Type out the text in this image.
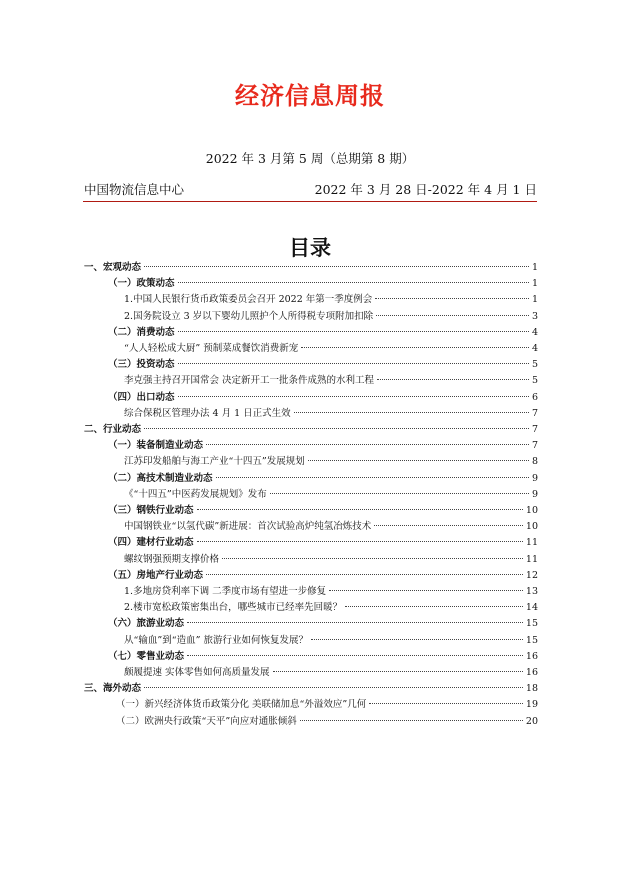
经济信息周报
2022 年 3 月第 5 周（总期第 8 期）
中国物流信息中心	2022 年 3 月 28 日-2022 年 4 月 1 日
目录
一、宏观动态	1
（一）政策动态	1
1.中国人民银行货币政策委员会召开 2022 年第一季度例会	1
2.国务院设立 3 岁以下婴幼儿照护个人所得税专项附加扣除	3
（二）消费动态	4
“人人轻松成大厨” 预制菜成餐饮消费新宠	4
（三）投资动态	5
李克强主持召开国常会 决定新开工一批条件成熟的水利工程	5
（四）出口动态	6
综合保税区管理办法 4 月 1 日正式生效	7
二、行业动态	7
（一）装备制造业动态	7
江苏印发船舶与海工产业“十四五”发展规划	8
（二）高技术制造业动态	9
《“十四五”中医药发展规划》发布	9
（三）钢铁行业动态	10
中国钢铁业“以氢代碳”新进展：首次试验高炉纯氢冶炼技术	10
（四）建材行业动态	11
螺纹钢强预期支撑价格	11
（五）房地产行业动态	12
1.多地房贷利率下调 二季度市场有望进一步修复	13
2.楼市宽松政策密集出台，哪些城市已经率先回暖？	14
（六）旅游业动态	15
从“输血”到“造血” 旅游行业如何恢复发展？	15
（七）零售业动态	16
颇履提速 实体零售如何高质量发展	16
三、海外动态	18
（一）新兴经济体货币政策分化 美联储加息“外溢效应”几何	19
（二）欧洲央行政策“天平”向应对通胀倾斜	20
